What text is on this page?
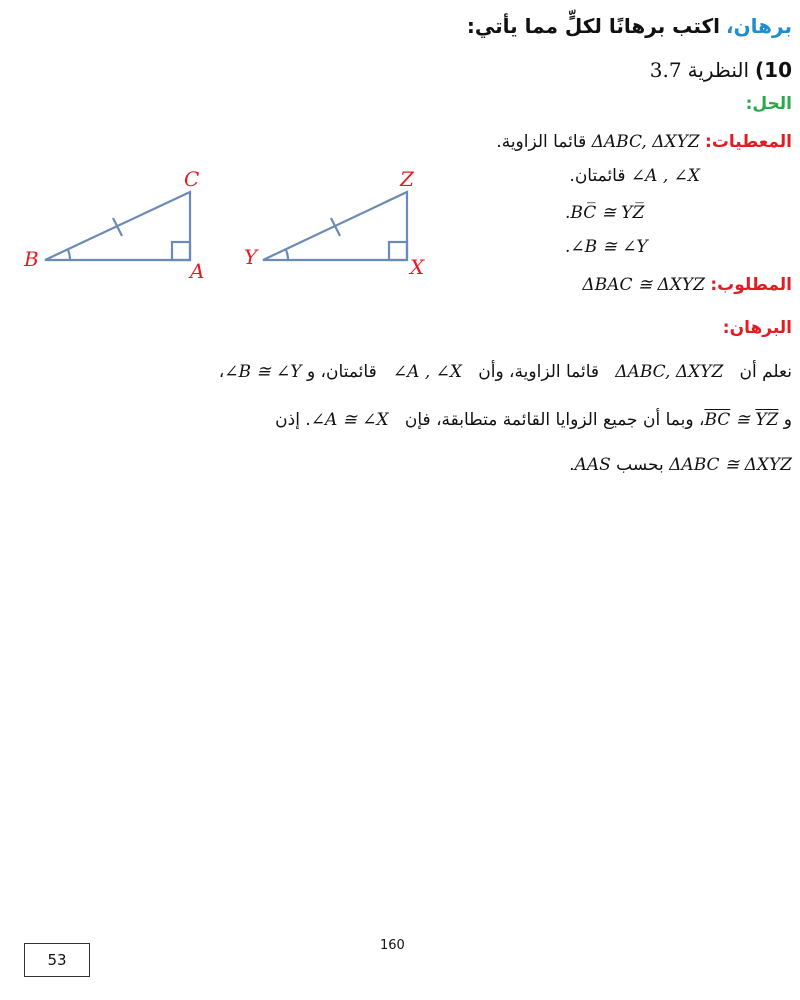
برهان،اكتب برهانًا لكلٍّ مما يأتي:
10)النظرية3.7
الحل:
المعطيات: ΔABC, ΔXYZ قائما الزاوية.
∠A , ∠X قائمتان.
.BC̅ ≅ YZ̅
.∠B ≅ ∠Y
المطلوب: ΔBAC ≅ ΔXYZ
البرهان:
نعلم أن   ΔABC, ΔXYZ   قائما الزاوية، وأن   ∠A , ∠X   قائمتان، و ∠B ≅ ∠Y،
و $\overline{BC}$ ≅ $\overline{YZ}،$ وبما أن جميع الزوايا القائمة متطابقة، فإن   ∠A ≅ ∠X. إذن
ΔABC ≅ ΔXYZ بحسب AAS.
B	A
C
Y	X
Z
53
160
